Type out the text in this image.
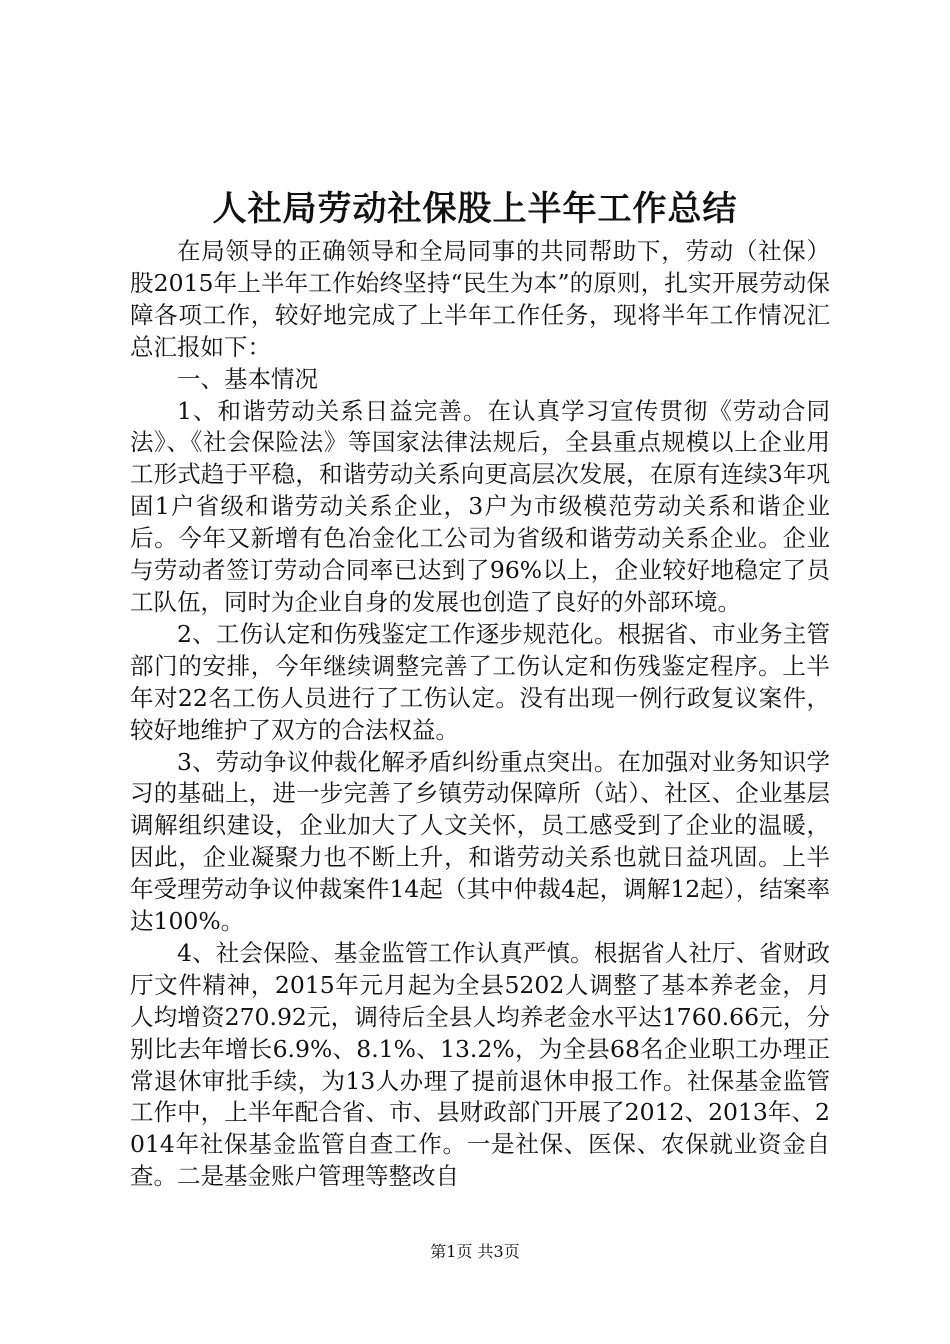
人社局劳动社保股上半年工作总结

在局领导的正确领导和全局同事的共同帮助下，劳动（社保）股2015年上半年工作始终坚持“民生为本”的原则，扎实开展劳动保障各项工作，较好地完成了上半年工作任务，现将半年工作情况汇总汇报如下：

一、基本情况

1、和谐劳动关系日益完善。在认真学习宣传贯彻《劳动合同法》、《社会保险法》等国家法律法规后，全县重点规模以上企业用工形式趋于平稳，和谐劳动关系向更高层次发展，在原有连续3年巩固1户省级和谐劳动关系企业，3户为市级模范劳动关系和谐企业后。今年又新增有色冶金化工公司为省级和谐劳动关系企业。企业与劳动者签订劳动合同率已达到了96%以上，企业较好地稳定了员工队伍，同时为企业自身的发展也创造了良好的外部环境。

2、工伤认定和伤残鉴定工作逐步规范化。根据省、市业务主管部门的安排，今年继续调整完善了工伤认定和伤残鉴定程序。上半年对22名工伤人员进行了工伤认定。没有出现一例行政复议案件，较好地维护了双方的合法权益。

3、劳动争议仲裁化解矛盾纠纷重点突出。在加强对业务知识学习的基础上，进一步完善了乡镇劳动保障所（站）、社区、企业基层调解组织建设，企业加大了人文关怀，员工感受到了企业的温暖，因此，企业凝聚力也不断上升，和谐劳动关系也就日益巩固。上半年受理劳动争议仲裁案件14起（其中仲裁4起，调解12起），结案率达100%。

4、社会保险、基金监管工作认真严慎。根据省人社厅、省财政厅文件精神，2015年元月起为全县5202人调整了基本养老金，月人均增资270.92元，调待后全县人均养老金水平达1760.66元，分别比去年增长6.9%、8.1%、13.2%，为全县68名企业职工办理正常退休审批手续，为13人办理了提前退休申报工作。社保基金监管工作中，上半年配合省、市、县财政部门开展了2012、2013年、2014年社保基金监管自查工作。一是社保、医保、农保就业资金自查。二是基金账户管理等整改自

第1页 共3页
